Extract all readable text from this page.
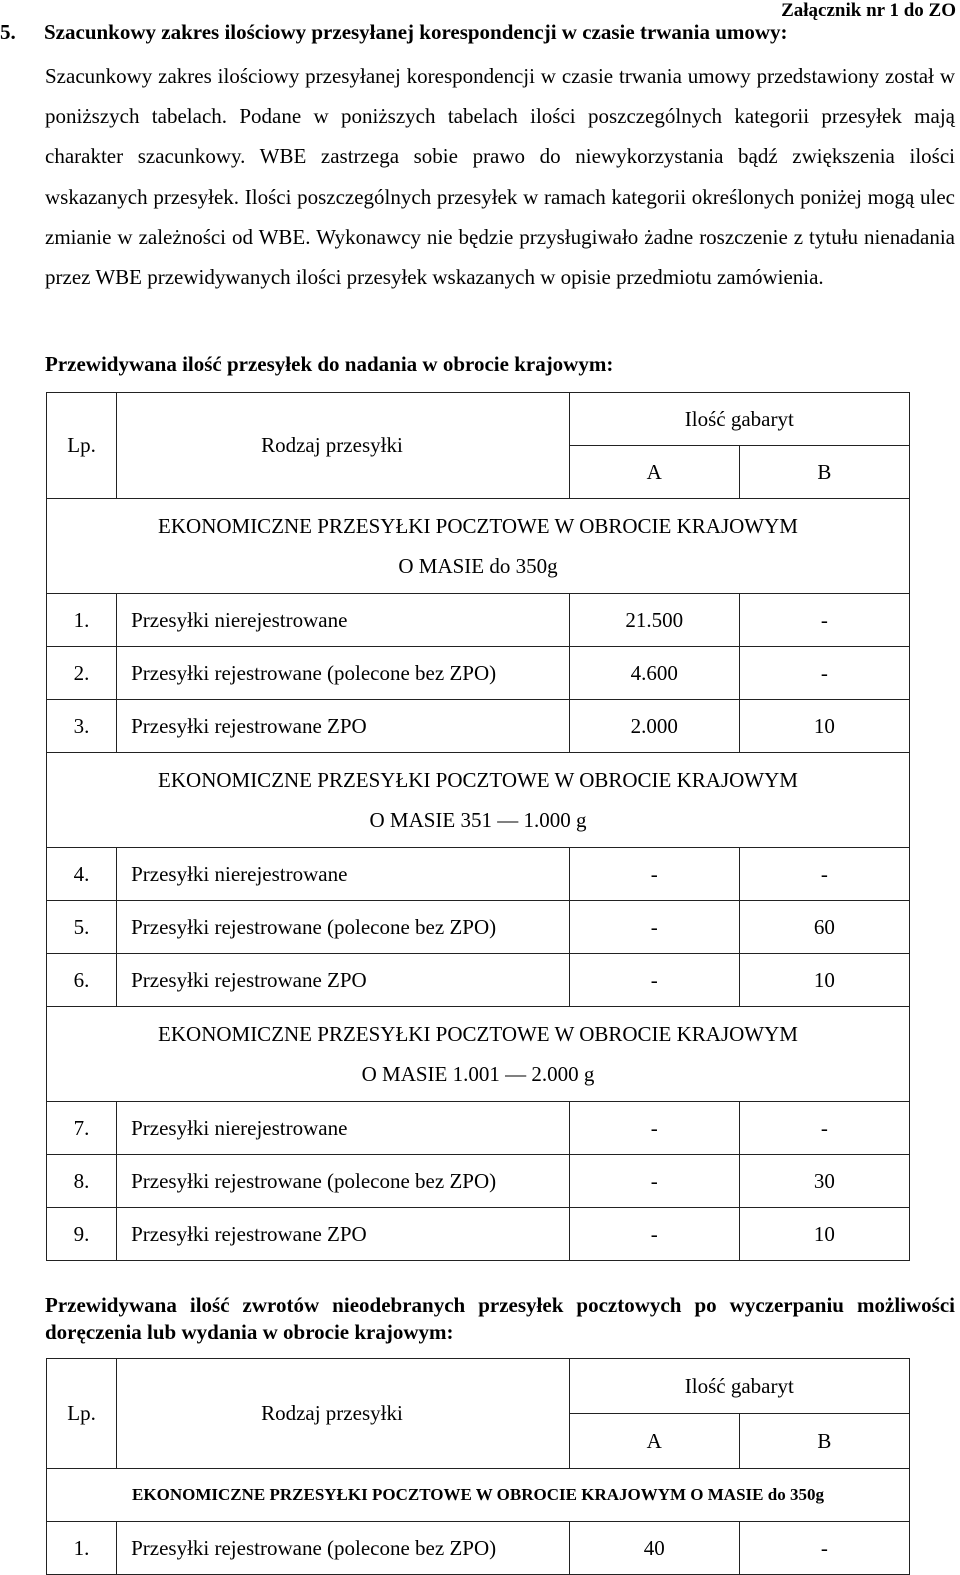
Załącznik nr 1 do ZO
5. Szacunkowy zakres ilościowy przesyłanej korespondencji w czasie trwania umowy:
Szacunkowy zakres ilościowy przesyłanej korespondencji w czasie trwania umowy przedstawiony został w poniższych tabelach. Podane w poniższych tabelach ilości poszczególnych kategorii przesyłek mają charakter szacunkowy. WBE zastrzega sobie prawo do niewykorzystania bądź zwiększenia ilości wskazanych przesyłek. Ilości poszczególnych przesyłek w ramach kategorii określonych poniżej mogą ulec zmianie w zależności od WBE. Wykonawcy nie będzie przysługiwało żadne roszczenie z tytułu nienadania przez WBE przewidywanych ilości przesyłek wskazanych w opisie przedmiotu zamówienia.
Przewidywana ilość przesyłek do nadania w obrocie krajowym:
Lp.	Rodzaj przesyłki	Ilość gabaryt	
		A	B

EKONOMICZNE PRZESYŁKI POCZTOWE W OBROCIE KRAJOWYM
O MASIE do 350g			

1.	Przesyłki nierejestrowane	21.500	-
2.	Przesyłki rejestrowane (polecone bez ZPO)	4.600	-
3.	Przesyłki rejestrowane ZPO	2.000	10

EKONOMICZNE PRZESYŁKI POCZTOWE W OBROCIE KRAJOWYM
O MASIE 351 — 1.000 g			

4.	Przesyłki nierejestrowane	-	-
5.	Przesyłki rejestrowane (polecone bez ZPO)	-	60
6.	Przesyłki rejestrowane ZPO	-	10

EKONOMICZNE PRZESYŁKI POCZTOWE W OBROCIE KRAJOWYM
O MASIE 1.001 — 2.000 g			

7.	Przesyłki nierejestrowane	-	-
8.	Przesyłki rejestrowane (polecone bez ZPO)	-	30
9.	Przesyłki rejestrowane ZPO	-	10
Przewidywana ilość zwrotów nieodebranych przesyłek pocztowych po wyczerpaniu możliwości doręczenia lub wydania w obrocie krajowym:
Lp.	Rodzaj przesyłki	Ilość gabaryt	
		A	B
EKONOMICZNE PRZESYŁKI POCZTOWE W OBROCIE KRAJOWYM O MASIE do 350g			
1.	Przesyłki rejestrowane (polecone bez ZPO)	40	-
